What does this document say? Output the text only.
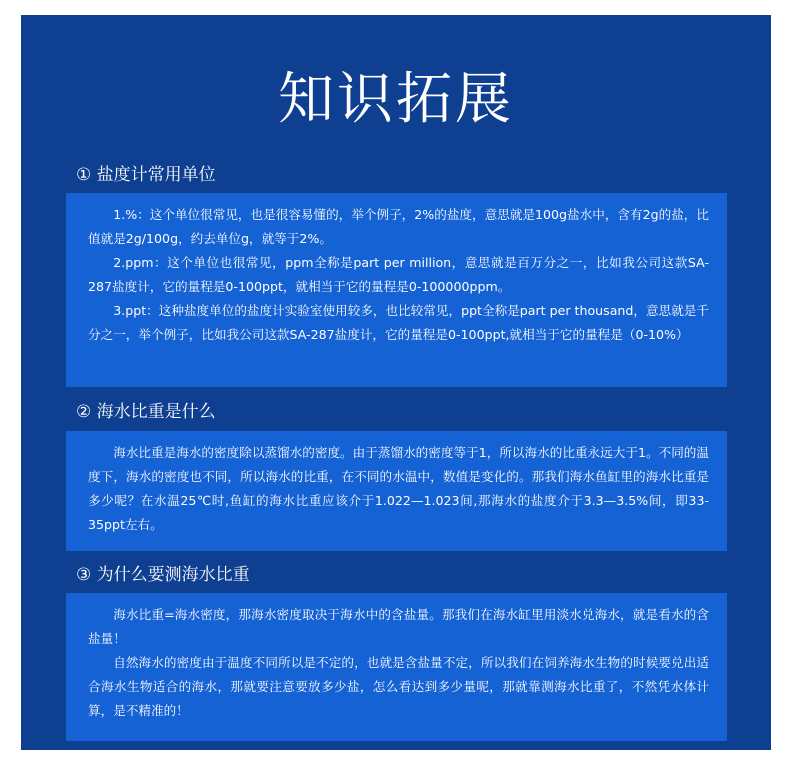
知识拓展
① 盐度计常用单位

1.%：这个单位很常见，也是很容易懂的，举个例子，2%的盐度，意思就是100g盐水中，含有2g的盐，比值就是2g/100g，约去单位g，就等于2%。

2.ppm：这个单位也很常见，ppm全称是part per million，意思就是百万分之一，比如我公司这款SA-287盐度计，它的量程是0-100ppt，就相当于它的量程是0-100000ppm。

3.ppt：这种盐度单位的盐度计实验室使用较多，也比较常见，ppt全称是part per thousand，意思就是千分之一，举个例子，比如我公司这款SA-287盐度计，它的量程是0-100ppt,就相当于它的量程是（0-10%）

② 海水比重是什么

海水比重是海水的密度除以蒸馏水的密度。由于蒸馏水的密度等于1，所以海水的比重永远大于1。不同的温度下，海水的密度也不同，所以海水的比重，在不同的水温中，数值是变化的。那我们海水鱼缸里的海水比重是多少呢？在水温25℃时,鱼缸的海水比重应该介于1.022—1.023间,那海水的盐度介于3.3—3.5%间，即33-35ppt左右。

③ 为什么要测海水比重

海水比重=海水密度，那海水密度取决于海水中的含盐量。那我们在海水缸里用淡水兑海水，就是看水的含盐量！

自然海水的密度由于温度不同所以是不定的，也就是含盐量不定，所以我们在饲养海水生物的时候要兑出适合海水生物适合的海水，那就要注意要放多少盐，怎么看达到多少量呢，那就靠测海水比重了，不然凭水体计算，是不精准的！
